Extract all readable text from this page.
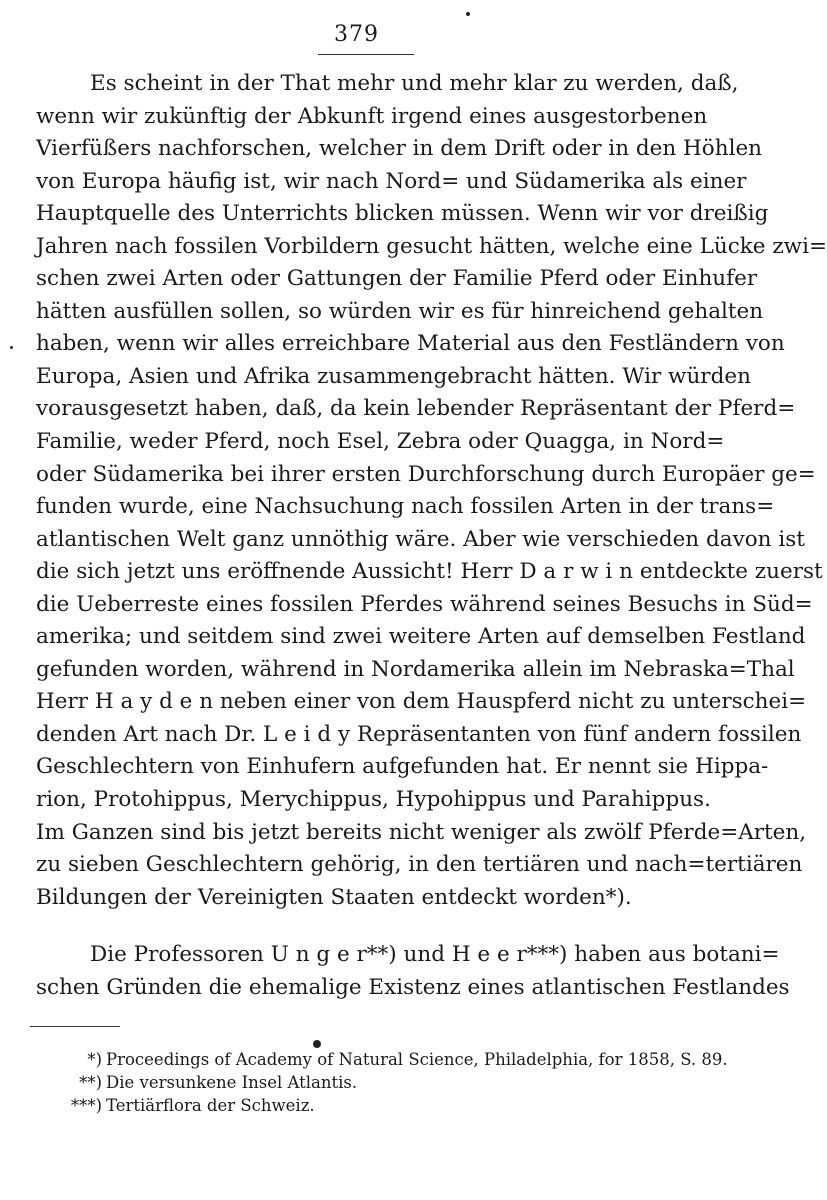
379
Es scheint in der That mehr und mehr klar zu werden, daß,
wenn wir zukünftig der Abkunft irgend eines ausgestorbenen
Vierfüßers nachforschen, welcher in dem Drift oder in den Höhlen
von Europa häufig ist, wir nach Nord= und Südamerika als einer
Hauptquelle des Unterrichts blicken müssen. Wenn wir vor dreißig
Jahren nach fossilen Vorbildern gesucht hätten, welche eine Lücke zwi=
schen zwei Arten oder Gattungen der Familie Pferd oder Einhufer
hätten ausfüllen sollen, so würden wir es für hinreichend gehalten
haben, wenn wir alles erreichbare Material aus den Festländern von
Europa, Asien und Afrika zusammengebracht hätten. Wir würden
vorausgesetzt haben, daß, da kein lebender Repräsentant der Pferd=
Familie, weder Pferd, noch Esel, Zebra oder Quagga, in Nord=
oder Südamerika bei ihrer ersten Durchforschung durch Europäer ge=
funden wurde, eine Nachsuchung nach fossilen Arten in der trans=
atlantischen Welt ganz unnöthig wäre. Aber wie verschieden davon ist
die sich jetzt uns eröffnende Aussicht! Herr D a r w i n entdeckte zuerst
die Ueberreste eines fossilen Pferdes während seines Besuchs in Süd=
amerika; und seitdem sind zwei weitere Arten auf demselben Festland
gefunden worden, während in Nordamerika allein im Nebraska=Thal
Herr H a y d e n neben einer von dem Hauspferd nicht zu unterschei=
denden Art nach Dr. L e i d y Repräsentanten von fünf andern fossilen
Geschlechtern von Einhufern aufgefunden hat. Er nennt sie Hippa-
rion, Protohippus, Merychippus, Hypohippus und Parahippus.
Im Ganzen sind bis jetzt bereits nicht weniger als zwölf Pferde=Arten,
zu sieben Geschlechtern gehörig, in den tertiären und nach=tertiären
Bildungen der Vereinigten Staaten entdeckt worden*).
Die Professoren U n g e r**) und H e e r***) haben aus botani=
schen Gründen die ehemalige Existenz eines atlantischen Festlandes
*) Proceedings of Academy of Natural Science, Philadelphia, for 1858, S. 89.
**) Die versunkene Insel Atlantis.
***) Tertiärflora der Schweiz.
